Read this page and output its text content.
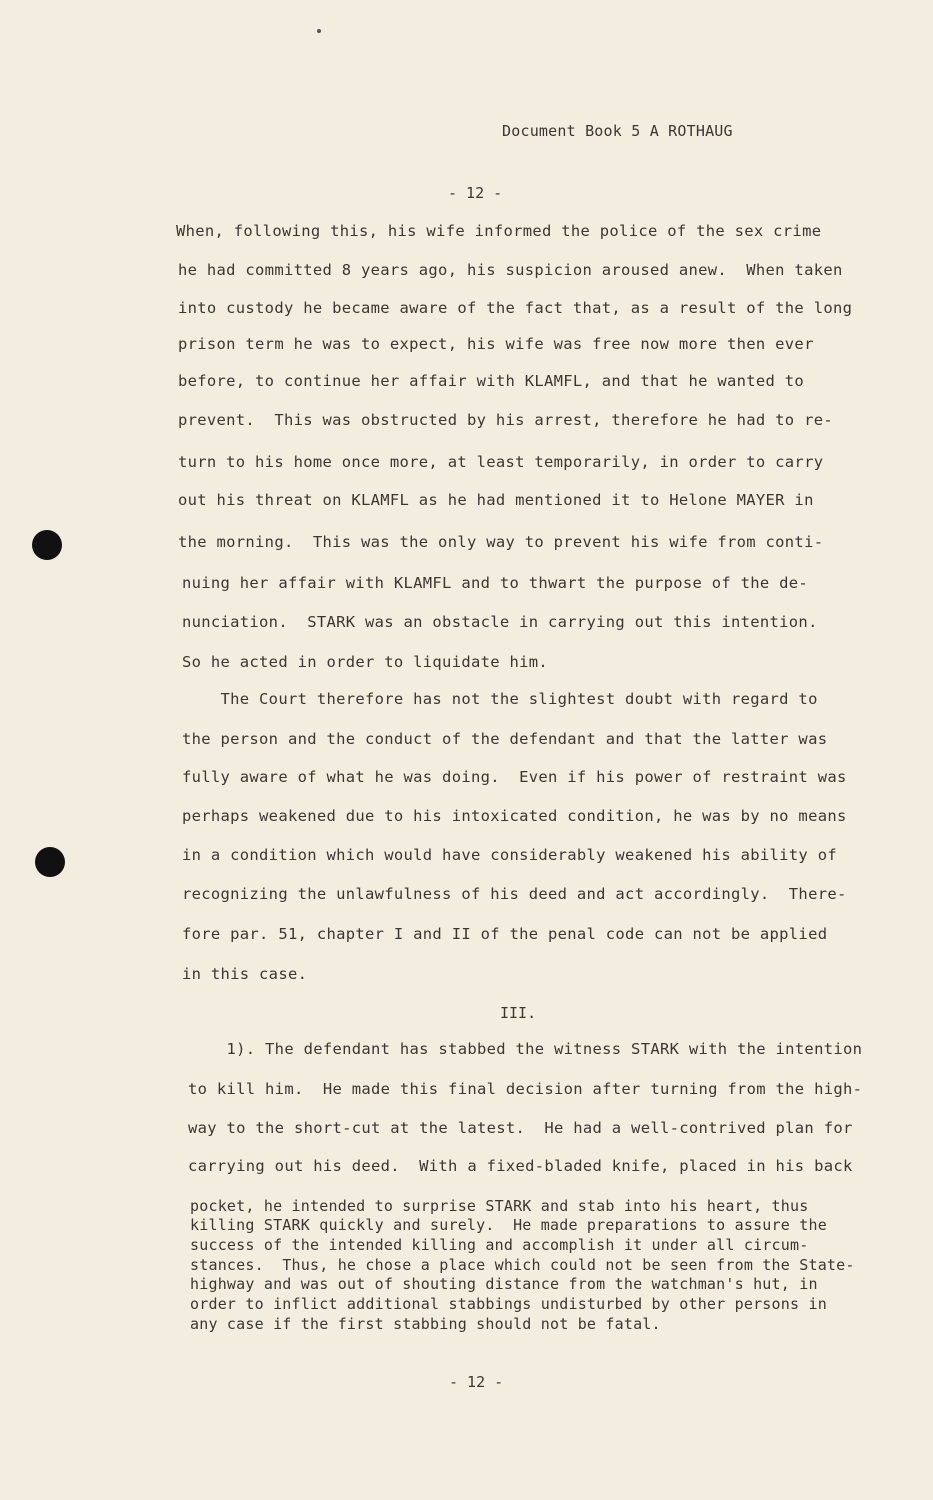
Document Book 5 A ROTHAUG
- 12 -
When, following this, his wife informed the police of the sex crime
he had committed 8 years ago, his suspicion aroused anew.  When taken
into custody he became aware of the fact that, as a result of the long
prison term he was to expect, his wife was free now more then ever
before, to continue her affair with KLAMFL, and that he wanted to
prevent.  This was obstructed by his arrest, therefore he had to re-
turn to his home once more, at least temporarily, in order to carry
out his threat on KLAMFL as he had mentioned it to Helone MAYER in
the morning.  This was the only way to prevent his wife from conti-
nuing her affair with KLAMFL and to thwart the purpose of the de-
nunciation.  STARK was an obstacle in carrying out this intention.
So he acted in order to liquidate him.
The Court therefore has not the slightest doubt with regard to
the person and the conduct of the defendant and that the latter was
fully aware of what he was doing.  Even if his power of restraint was
perhaps weakened due to his intoxicated condition, he was by no means
in a condition which would have considerably weakened his ability of
recognizing the unlawfulness of his deed and act accordingly.  There-
fore par. 51, chapter I and II of the penal code can not be applied
in this case.
III.
1). The defendant has stabbed the witness STARK with the intention
to kill him.  He made this final decision after turning from the high-
way to the short-cut at the latest.  He had a well-contrived plan for
carrying out his deed.  With a fixed-bladed knife, placed in his back
pocket, he intended to surprise STARK and stab into his heart, thus
killing STARK quickly and surely.  He made preparations to assure the
success of the intended killing and accomplish it under all circum-
stances.  Thus, he chose a place which could not be seen from the State-
highway and was out of shouting distance from the watchman's hut, in
order to inflict additional stabbings undisturbed by other persons in
any case if the first stabbing should not be fatal.
- 12 -
